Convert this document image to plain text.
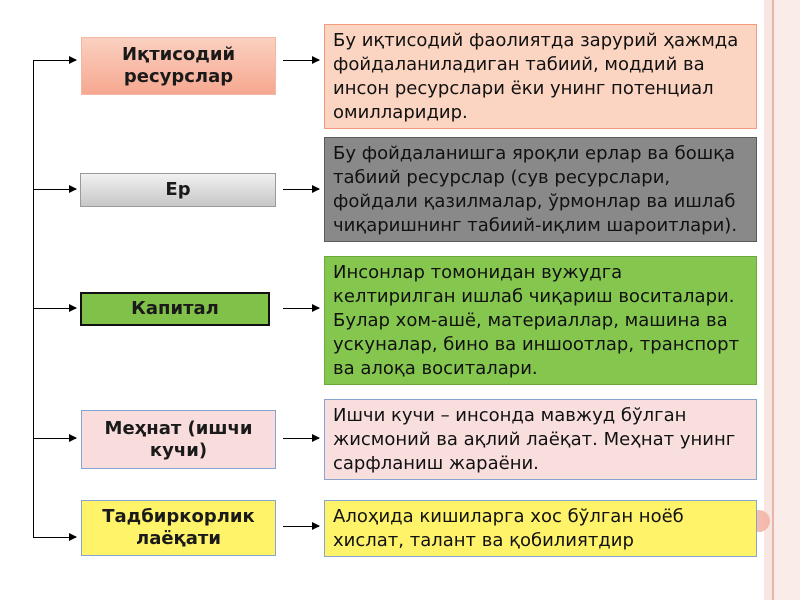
Иқтисодий ресурслар
Ер
Капитал
Меҳнат (ишчи кучи)
Тадбиркорлик лаёқати
Бу иқтисодий фаолиятда зарурий ҳажмда фойдаланиладиган табиий, моддий ва инсон ресурслари ёки унинг потенциал омилларидир.
Бу фойдаланишга яроқли ерлар ва бошқа табиий ресурслар (сув ресурслари, фойдали қазилмалар, ўрмонлар ва ишлаб чиқаришнинг табиий-иқлим шароитлари).
Инсонлар томонидан вужудга келтирилган ишлаб чиқариш воситалари. Булар хом-ашё, материаллар, машина ва ускуналар, бино ва иншоотлар, транспорт ва алоқа воситалари.
Ишчи кучи – инсонда мавжуд бўлган жисмоний ва ақлий лаёқат. Меҳнат унинг сарфланиш жараёни.
Алоҳида кишиларга хос бўлган ноёб хислат, талант ва қобилиятдир
